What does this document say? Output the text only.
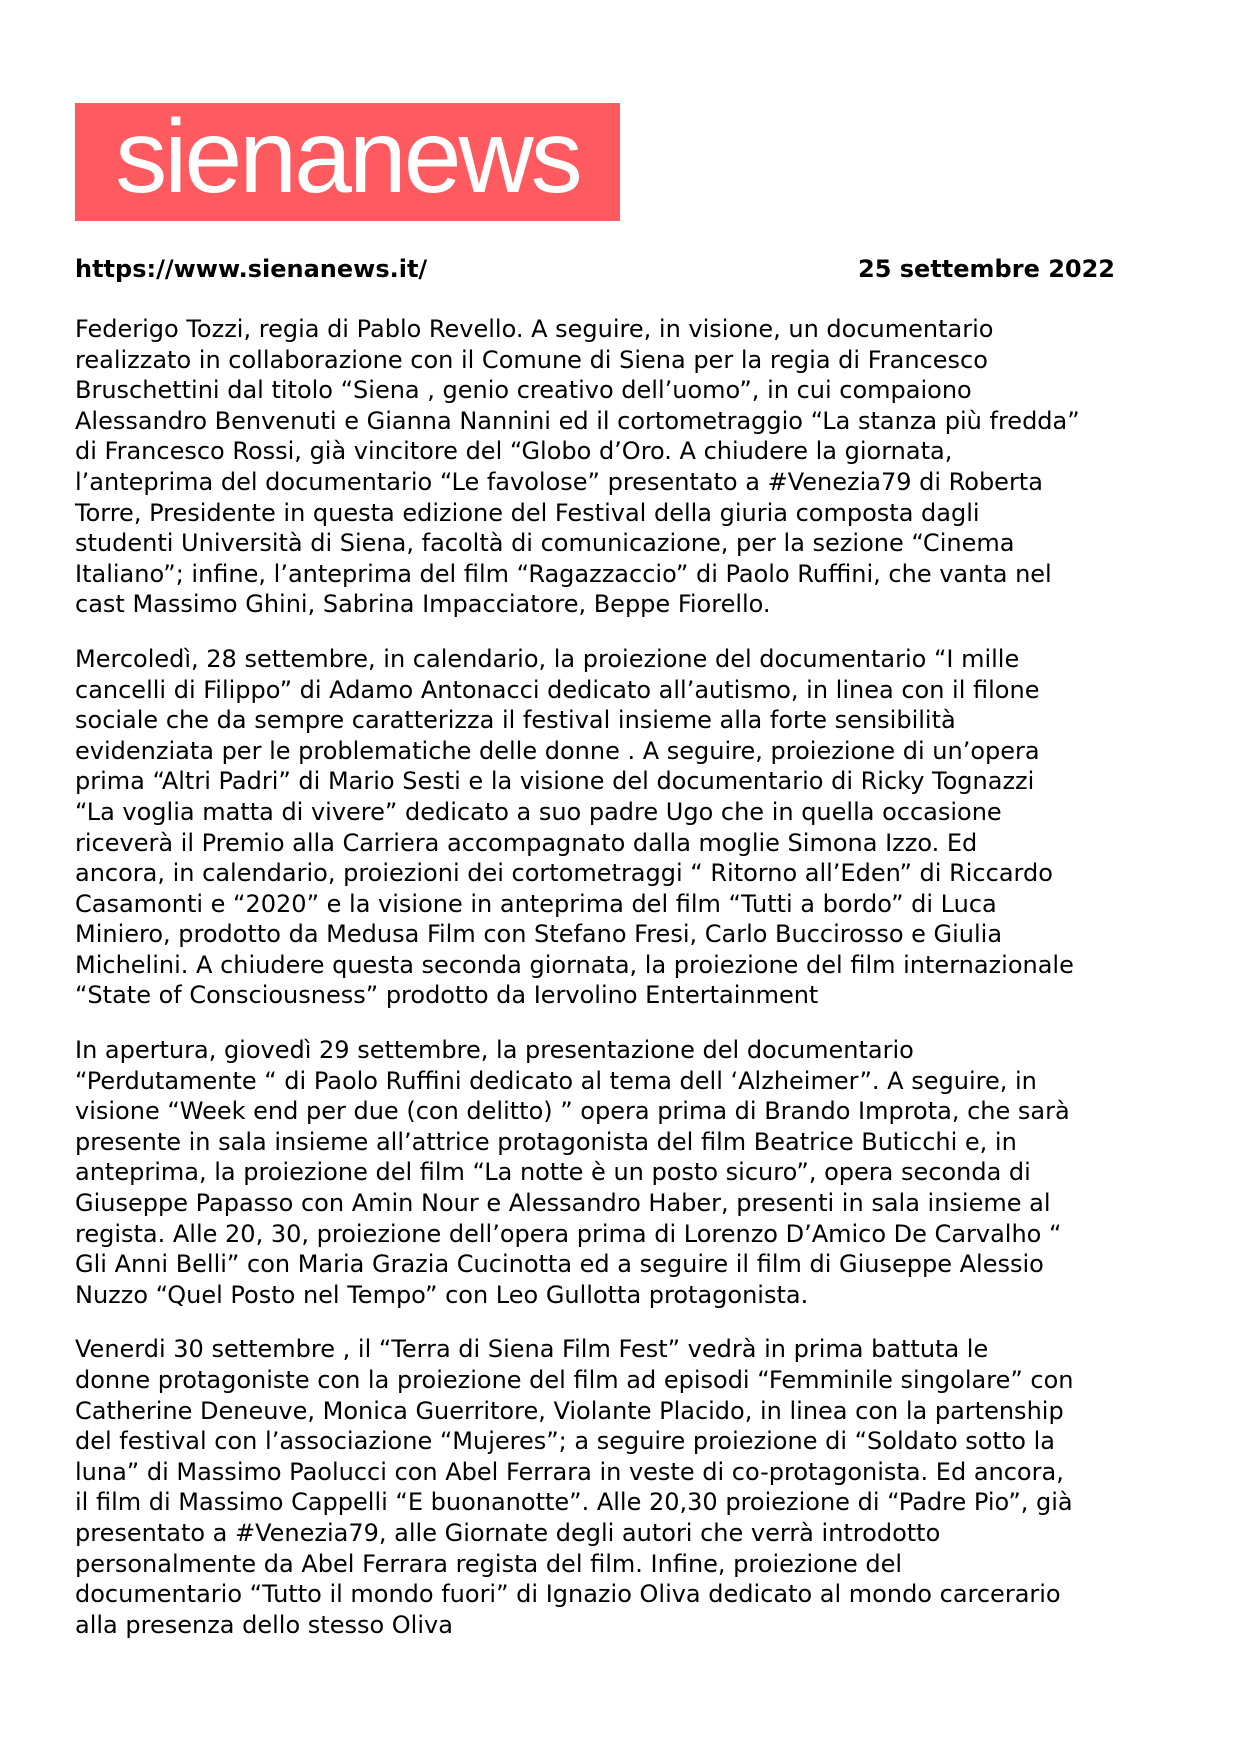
sienanews
https://www.sienanews.it/	25 settembre 2022

Federigo Tozzi, regia di Pablo Revello. A seguire, in visione, un documentario
realizzato in collaborazione con il Comune di Siena per la regia di Francesco
Bruschettini dal titolo “Siena , genio creativo dell’uomo”, in cui compaiono
Alessandro Benvenuti e Gianna Nannini ed il cortometraggio “La stanza più fredda”
di Francesco Rossi, già vincitore del “Globo d’Oro. A chiudere la giornata,
l’anteprima del documentario “Le favolose” presentato a #Venezia79 di Roberta
Torre, Presidente in questa edizione del Festival della giuria composta dagli
studenti Università di Siena, facoltà di comunicazione, per la sezione “Cinema
Italiano”; infine, l’anteprima del film “Ragazzaccio” di Paolo Ruffini, che vanta nel
cast Massimo Ghini, Sabrina Impacciatore, Beppe Fiorello.

Mercoledì, 28 settembre, in calendario, la proiezione del documentario “I mille
cancelli di Filippo” di Adamo Antonacci dedicato all’autismo, in linea con il filone
sociale che da sempre caratterizza il festival insieme alla forte sensibilità
evidenziata per le problematiche delle donne . A seguire, proiezione di un’opera
prima “Altri Padri” di Mario Sesti e la visione del documentario di Ricky Tognazzi
“La voglia matta di vivere” dedicato a suo padre Ugo che in quella occasione
riceverà il Premio alla Carriera accompagnato dalla moglie Simona Izzo. Ed
ancora, in calendario, proiezioni dei cortometraggi “ Ritorno all’Eden” di Riccardo
Casamonti e “2020” e la visione in anteprima del film “Tutti a bordo” di Luca
Miniero, prodotto da Medusa Film con Stefano Fresi, Carlo Buccirosso e Giulia
Michelini. A chiudere questa seconda giornata, la proiezione del film internazionale
“State of Consciousness” prodotto da Iervolino Entertainment

In apertura, giovedì 29 settembre, la presentazione del documentario
“Perdutamente “ di Paolo Ruffini dedicato al tema dell ‘Alzheimer”. A seguire, in
visione “Week end per due (con delitto) ” opera prima di Brando Improta, che sarà
presente in sala insieme all’attrice protagonista del film Beatrice Buticchi e, in
anteprima, la proiezione del film “La notte è un posto sicuro”, opera seconda di
Giuseppe Papasso con Amin Nour e Alessandro Haber, presenti in sala insieme al
regista. Alle 20, 30, proiezione dell’opera prima di Lorenzo D’Amico De Carvalho “
Gli Anni Belli” con Maria Grazia Cucinotta ed a seguire il film di Giuseppe Alessio
Nuzzo “Quel Posto nel Tempo” con Leo Gullotta protagonista.

Venerdi 30 settembre , il “Terra di Siena Film Fest” vedrà in prima battuta le
donne protagoniste con la proiezione del film ad episodi “Femminile singolare” con
Catherine Deneuve, Monica Guerritore, Violante Placido, in linea con la partenship
del festival con l’associazione “Mujeres”; a seguire proiezione di “Soldato sotto la
luna” di Massimo Paolucci con Abel Ferrara in veste di co-protagonista. Ed ancora,
il film di Massimo Cappelli “E buonanotte”. Alle 20,30 proiezione di “Padre Pio”, già
presentato a #Venezia79, alle Giornate degli autori che verrà introdotto
personalmente da Abel Ferrara regista del film. Infine, proiezione del
documentario “Tutto il mondo fuori” di Ignazio Oliva dedicato al mondo carcerario
alla presenza dello stesso Oliva
